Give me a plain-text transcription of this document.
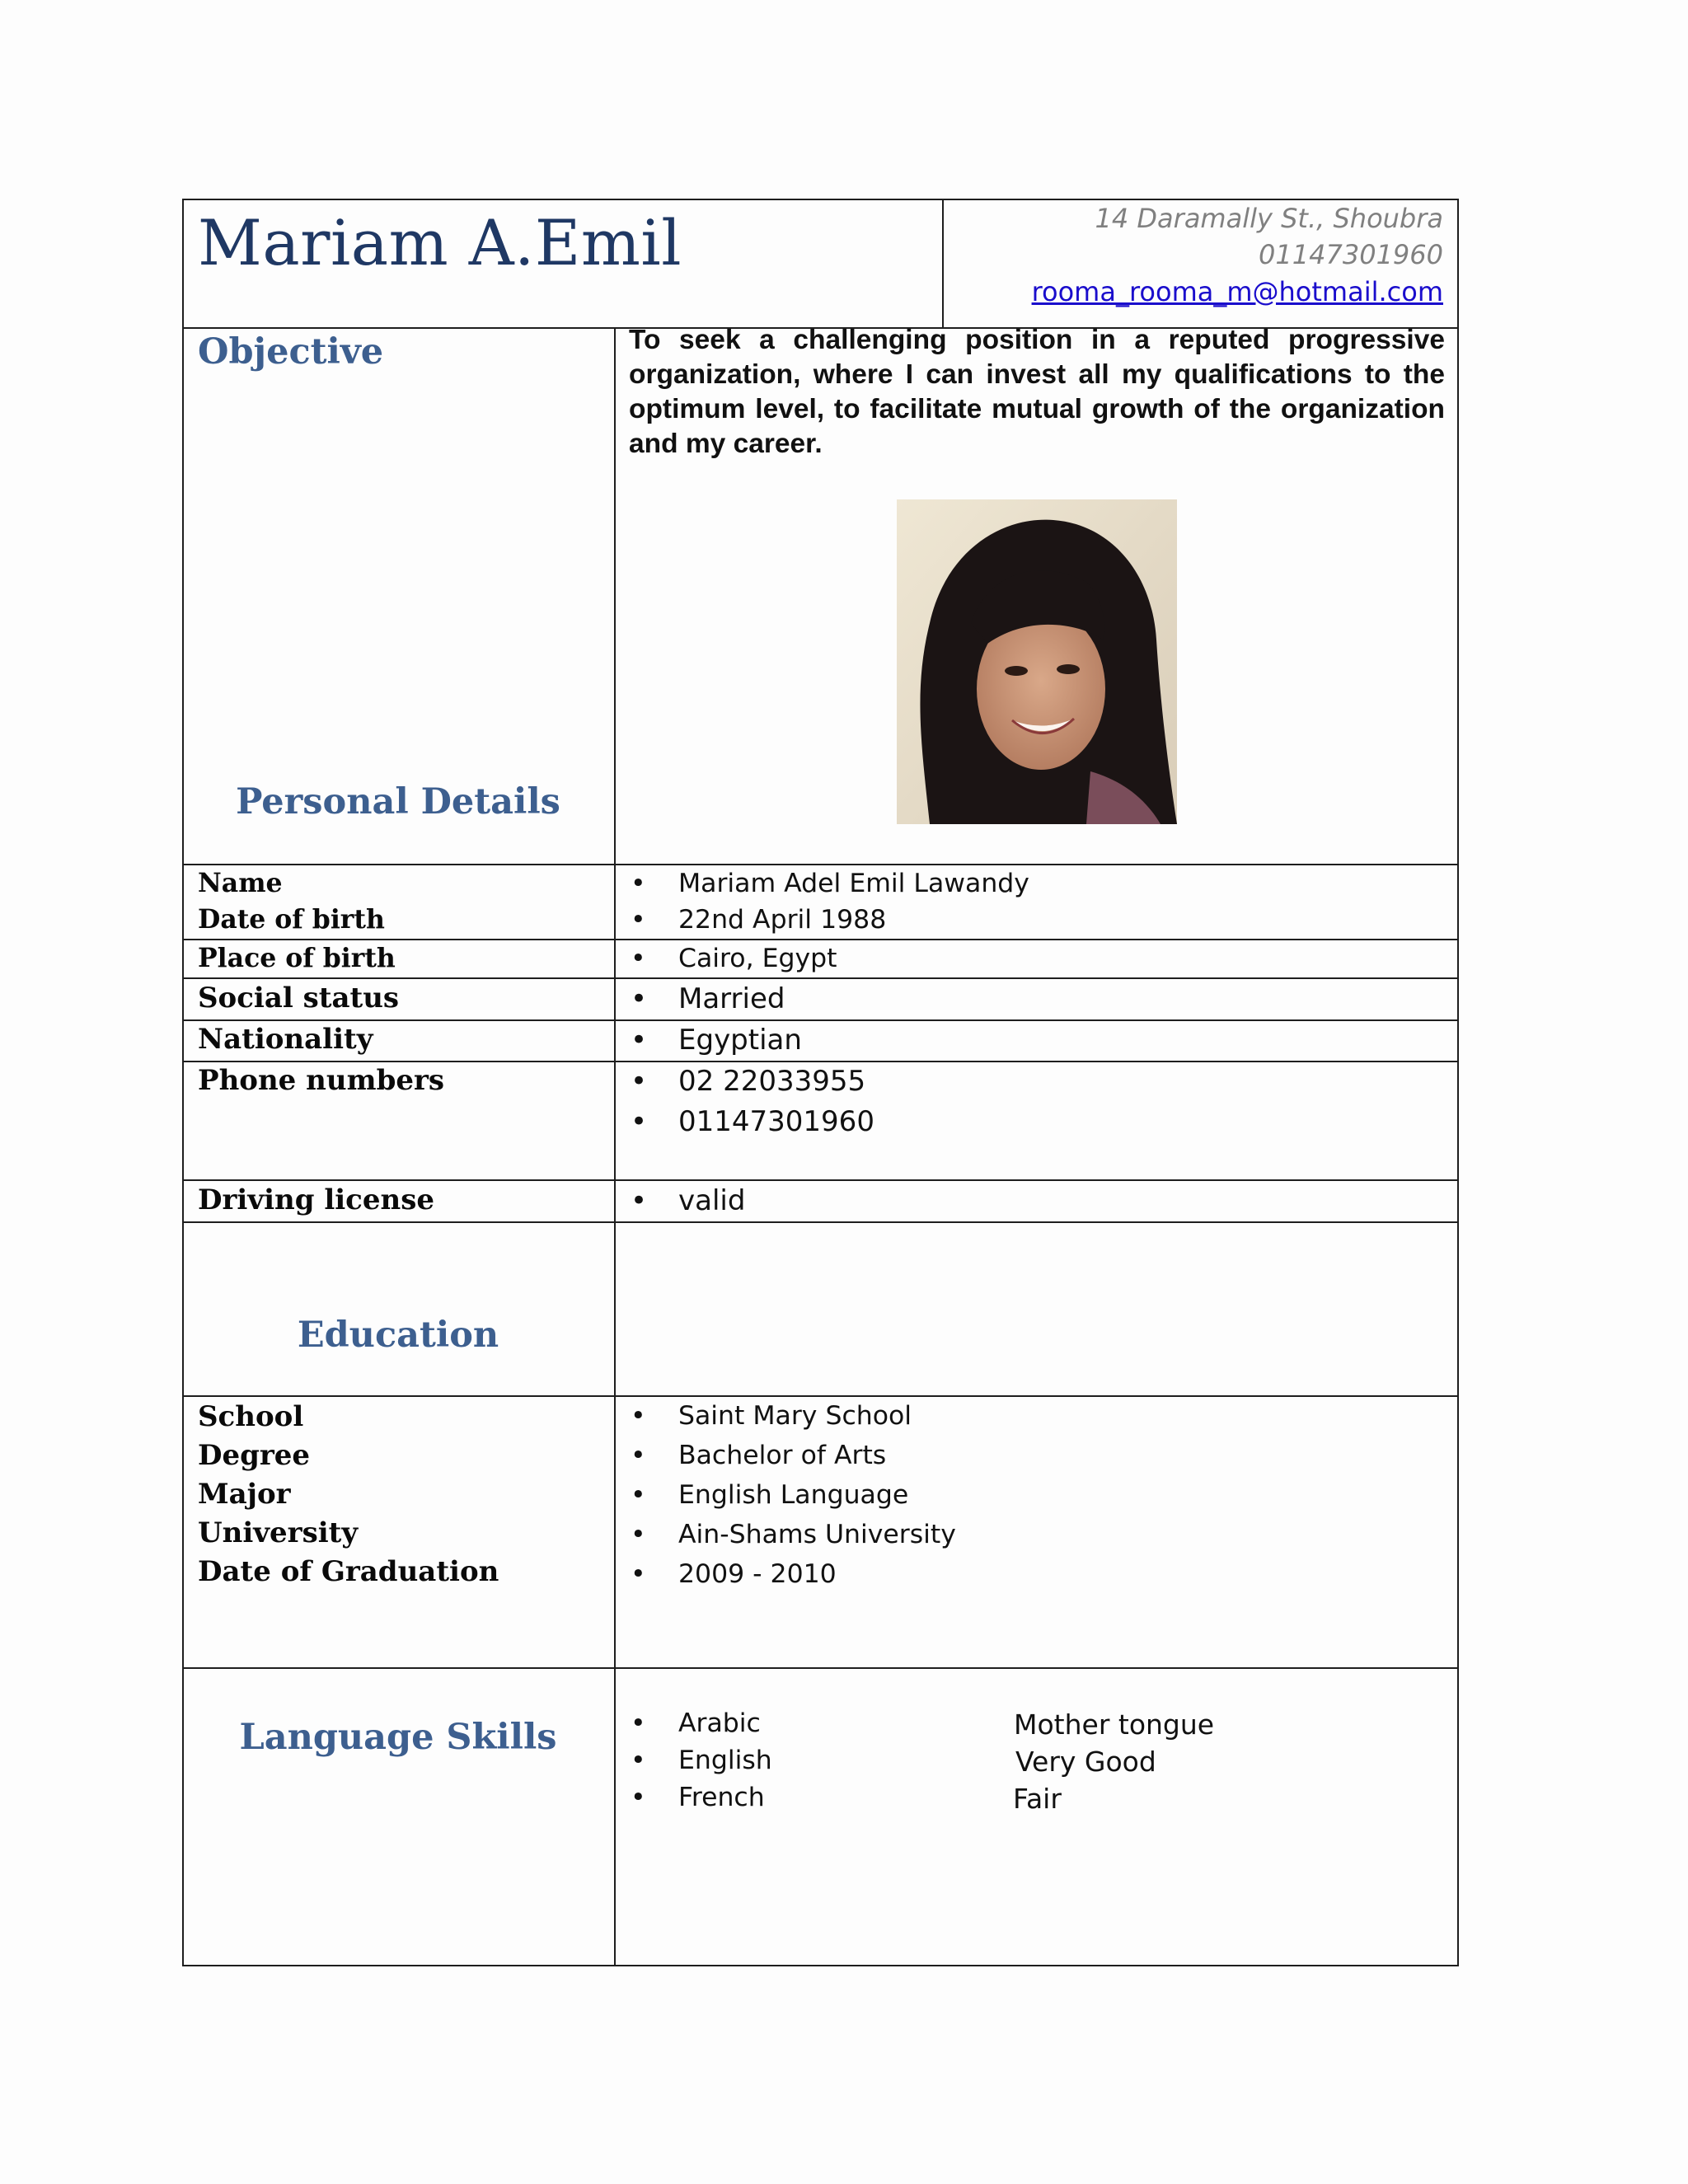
Mariam A.Emil	14 Daramally St., Shoubra
01147301960
rooma_rooma_m@hotmail.com
Objective	To seek a challenging position in a reputed progressive organization, where I can invest all my qualifications to the optimum level, to facilitate mutual growth of the organization and my career.
Personal Details
Name	• Mariam Adel Emil Lawandy
Date of birth	• 22nd April 1988
Place of birth	• Cairo, Egypt
Social status	• Married
Nationality	• Egyptian
Phone numbers	• 02 22033955
• 01147301960
Driving license	• valid
Education
School	• Saint Mary School
Degree	• Bachelor of Arts
Major	• English Language
University	• Ain-Shams University
Date of Graduation	• 2009 - 2010
Language Skills	• Arabic	Mother tongue
• English	Very Good
• French	Fair
